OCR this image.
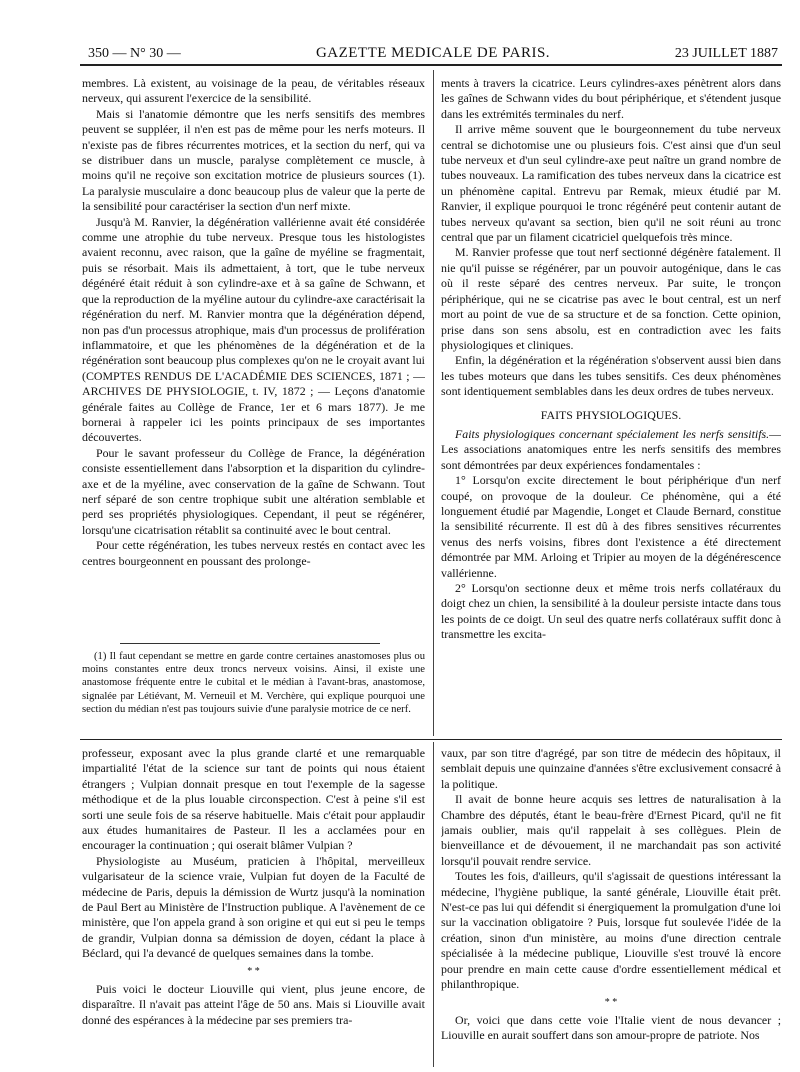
350 — N° 30 —	GAZETTE MEDICALE DE PARIS.	23 JUILLET 1887

membres. Là existent, au voisinage de la peau, de véritables réseaux nerveux, qui assurent l'exercice de la sensibilité.

Mais si l'anatomie démontre que les nerfs sensitifs des membres peuvent se suppléer, il n'en est pas de même pour les nerfs moteurs. Il n'existe pas de fibres récurrentes motrices, et la section du nerf, qui va se distribuer dans un muscle, paralyse complètement ce muscle, à moins qu'il ne reçoive son excitation motrice de plusieurs sources (1). La paralysie musculaire a donc beaucoup plus de valeur que la perte de la sensibilité pour caractériser la section d'un nerf mixte.

Jusqu'à M. Ranvier, la dégénération vallérienne avait été considérée comme une atrophie du tube nerveux. Presque tous les histologistes avaient reconnu, avec raison, que la gaîne de myéline se fragmentait, puis se résorbait. Mais ils admettaient, à tort, que le tube nerveux dégénéré était réduit à son cylindre-axe et à sa gaîne de Schwann, et que la reproduction de la myéline autour du cylindre-axe caractérisait la régénération du nerf. M. Ranvier montra que la dégénération dépend, non pas d'un processus atrophique, mais d'un processus de prolifération inflammatoire, et que les phénomènes de la dégénération et de la régénération sont beaucoup plus complexes qu'on ne le croyait avant lui (COMPTES RENDUS DE L'ACADÉMIE DES SCIENCES, 1871 ; — ARCHIVES DE PHYSIOLOGIE, t. IV, 1872 ; — Leçons d'anatomie générale faites au Collège de France, 1er et 6 mars 1877). Je me bornerai à rappeler ici les points principaux de ses importantes découvertes.

Pour le savant professeur du Collège de France, la dégénération consiste essentiellement dans l'absorption et la disparition du cylindre-axe et de la myéline, avec conservation de la gaîne de Schwann. Tout nerf séparé de son centre trophique subit une altération semblable et perd ses propriétés physiologiques. Cependant, il peut se régénérer, lorsqu'une cicatrisation rétablit sa continuité avec le bout central.

Pour cette régénération, les tubes nerveux restés en contact avec les centres bourgeonnent en poussant des prolonge-

(1) Il faut cependant se mettre en garde contre certaines anastomoses plus ou moins constantes entre deux troncs nerveux voisins. Ainsi, il existe une anastomose fréquente entre le cubital et le médian à l'avant-bras, anastomose, signalée par Létiévant, M. Verneuil et M. Verchère, qui explique pourquoi une section du médian n'est pas toujours suivie d'une paralysie motrice de ce nerf.

ments à travers la cicatrice. Leurs cylindres-axes pénètrent alors dans les gaînes de Schwann vides du bout périphérique, et s'étendent jusque dans les extrémités terminales du nerf.

Il arrive même souvent que le bourgeonnement du tube nerveux central se dichotomise une ou plusieurs fois. C'est ainsi que d'un seul tube nerveux et d'un seul cylindre-axe peut naître un grand nombre de tubes nouveaux. La ramification des tubes nerveux dans la cicatrice est un phénomène capital. Entrevu par Remak, mieux étudié par M. Ranvier, il explique pourquoi le tronc régénéré peut contenir autant de tubes nerveux qu'avant sa section, bien qu'il ne soit réuni au tronc central que par un filament cicatriciel quelquefois très mince.

M. Ranvier professe que tout nerf sectionné dégénère fatalement. Il nie qu'il puisse se régénérer, par un pouvoir autogénique, dans le cas où il reste séparé des centres nerveux. Par suite, le tronçon périphérique, qui ne se cicatrise pas avec le bout central, est un nerf mort au point de vue de sa structure et de sa fonction. Cette opinion, prise dans son sens absolu, est en contradiction avec les faits physiologiques et cliniques.

Enfin, la dégénération et la régénération s'observent aussi bien dans les tubes moteurs que dans les tubes sensitifs. Ces deux phénomènes sont identiquement semblables dans les deux ordres de tubes nerveux.

FAITS PHYSIOLOGIQUES.

Faits physiologiques concernant spécialement les nerfs sensitifs.— Les associations anatomiques entre les nerfs sensitifs des membres sont démontrées par deux expériences fondamentales :

1° Lorsqu'on excite directement le bout périphérique d'un nerf coupé, on provoque de la douleur. Ce phénomène, qui a été longuement étudié par Magendie, Longet et Claude Bernard, constitue la sensibilité récurrente. Il est dû à des fibres sensitives récurrentes venus des nerfs voisins, fibres dont l'existence a été directement démontrée par MM. Arloing et Tripier au moyen de la dégénérescence vallérienne.

2° Lorsqu'on sectionne deux et même trois nerfs collatéraux du doigt chez un chien, la sensibilité à la douleur persiste intacte dans tous les points de ce doigt. Un seul des quatre nerfs collatéraux suffit donc à transmettre les excita-

professeur, exposant avec la plus grande clarté et une remarquable impartialité l'état de la science sur tant de points qui nous étaient étrangers ; Vulpian donnait presque en tout l'exemple de la sagesse méthodique et de la plus louable circonspection. C'est à peine s'il est sorti une seule fois de sa réserve habituelle. Mais c'était pour applaudir aux études humanitaires de Pasteur. Il les a acclamées pour en encourager la continuation ; qui oserait blâmer Vulpian ?

Physiologiste au Muséum, praticien à l'hôpital, merveilleux vulgarisateur de la science vraie, Vulpian fut doyen de la Faculté de médecine de Paris, depuis la démission de Wurtz jusqu'à la nomination de Paul Bert au Ministère de l'Instruction publique. A l'avènement de ce ministère, que l'on appela grand à son origine et qui eut si peu le temps de grandir, Vulpian donna sa démission de doyen, cédant la place à Béclard, qui l'a devancé de quelques semaines dans la tombe.

* *

Puis voici le docteur Liouville qui vient, plus jeune encore, de disparaître. Il n'avait pas atteint l'âge de 50 ans. Mais si Liouville avait donné des espérances à la médecine par ses premiers tra-

vaux, par son titre d'agrégé, par son titre de médecin des hôpitaux, il semblait depuis une quinzaine d'années s'être exclusivement consacré à la politique.

Il avait de bonne heure acquis ses lettres de naturalisation à la Chambre des députés, étant le beau-frère d'Ernest Picard, qu'il ne fit jamais oublier, mais qu'il rappelait à ses collègues. Plein de bienveillance et de dévouement, il ne marchandait pas son activité lorsqu'il pouvait rendre service.

Toutes les fois, d'ailleurs, qu'il s'agissait de questions intéressant la médecine, l'hygiène publique, la santé générale, Liouville était prêt. N'est-ce pas lui qui défendit si énergiquement la promulgation d'une loi sur la vaccination obligatoire ? Puis, lorsque fut soulevée l'idée de la création, sinon d'un ministère, au moins d'une direction centrale spécialisée à la médecine publique, Liouville s'est trouvé là encore pour prendre en main cette cause d'ordre essentiellement médical et philanthropique.

* *

Or, voici que dans cette voie l'Italie vient de nous devancer ; Liouville en aurait souffert dans son amour-propre de patriote. Nos
